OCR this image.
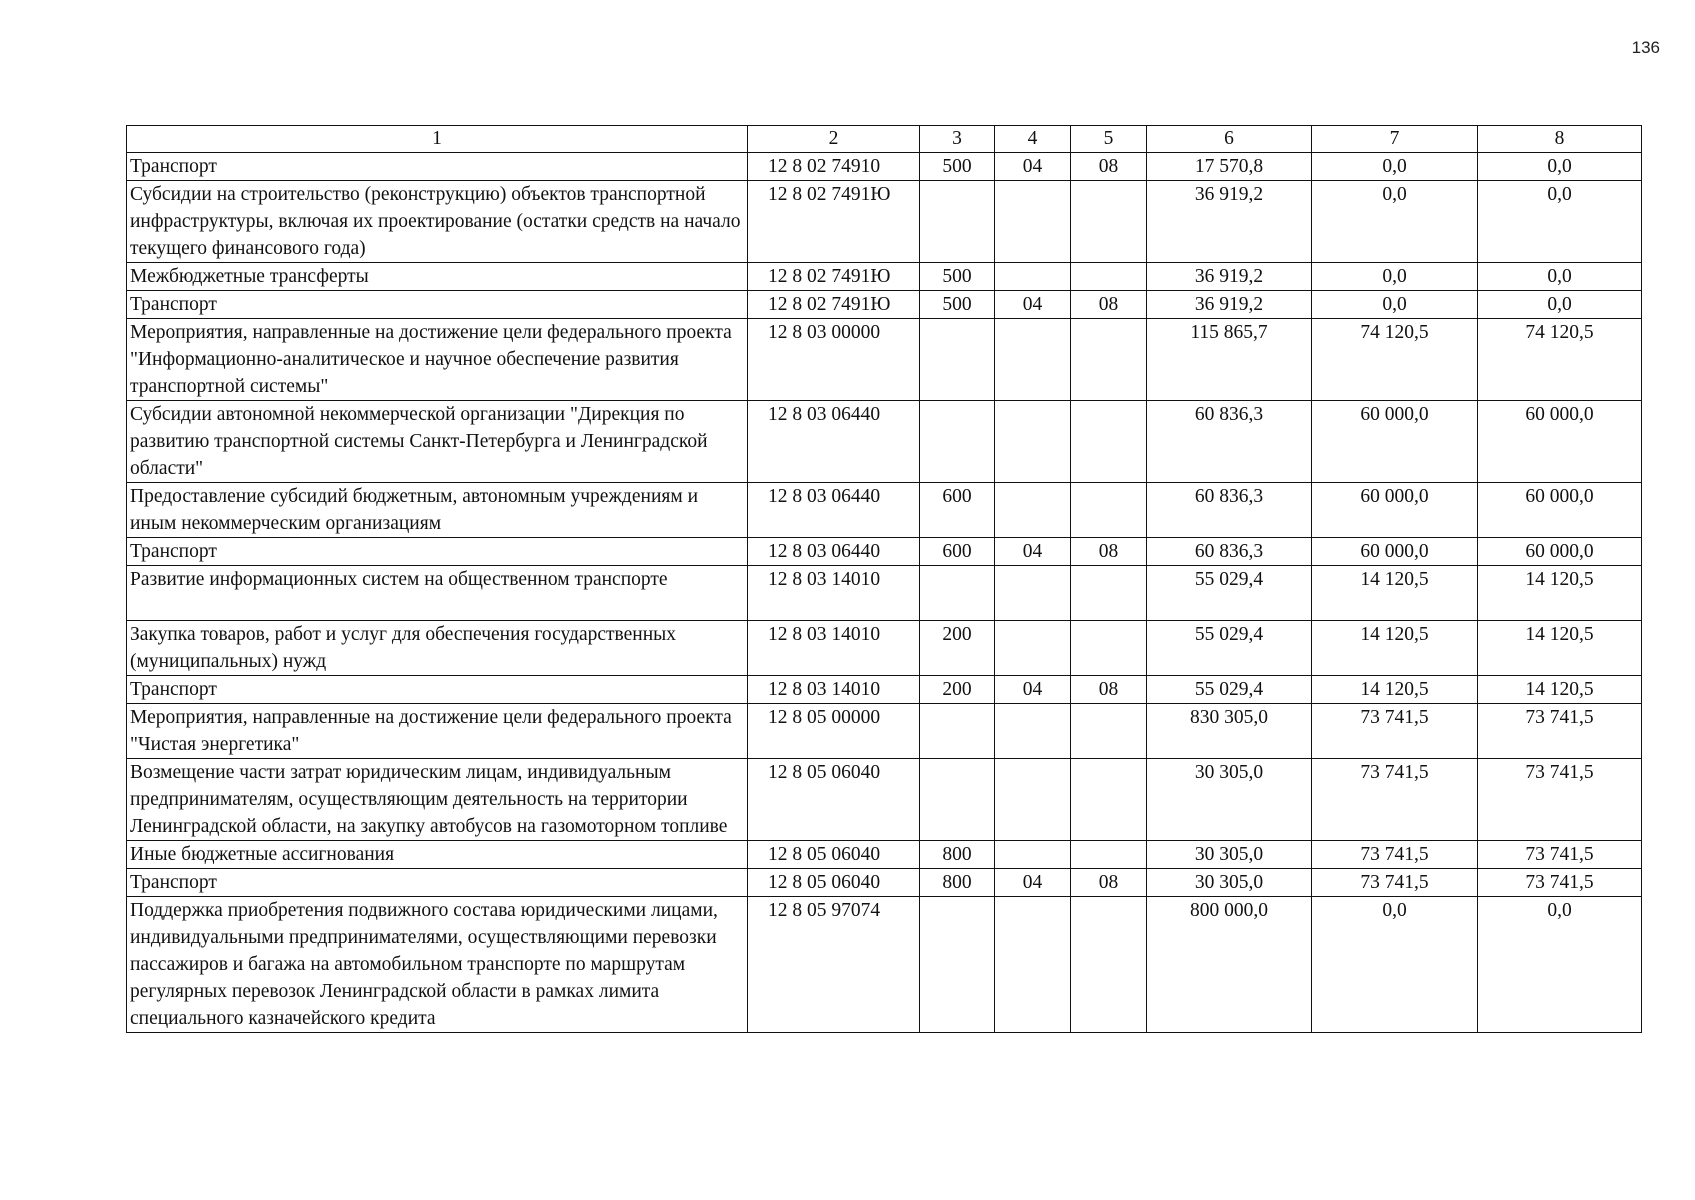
136
1	2	3	4	5	6	7	8
Транспорт	12 8 02 74910	500	04	08	17 570,8	0,0	0,0
Субсидии на строительство (реконструкцию) объектов транспортной инфраструктуры, включая их проектирование (остатки средств на начало текущего финансового года)	12 8 02 7491Ю				36 919,2	0,0	0,0
Межбюджетные трансферты	12 8 02 7491Ю	500			36 919,2	0,0	0,0
Транспорт	12 8 02 7491Ю	500	04	08	36 919,2	0,0	0,0
Мероприятия, направленные на достижение цели федерального проекта "Информационно-аналитическое и научное обеспечение развития транспортной системы"	12 8 03 00000				115 865,7	74 120,5	74 120,5
Субсидии автономной некоммерческой организации "Дирекция по развитию транспортной системы Санкт-Петербурга и Ленинградской области"	12 8 03 06440				60 836,3	60 000,0	60 000,0
Предоставление субсидий бюджетным, автономным учреждениям и иным некоммерческим организациям	12 8 03 06440	600			60 836,3	60 000,0	60 000,0
Транспорт	12 8 03 06440	600	04	08	60 836,3	60 000,0	60 000,0
Развитие информационных систем на общественном транспорте	12 8 03 14010				55 029,4	14 120,5	14 120,5
Закупка товаров, работ и услуг для обеспечения государственных (муниципальных) нужд	12 8 03 14010	200			55 029,4	14 120,5	14 120,5
Транспорт	12 8 03 14010	200	04	08	55 029,4	14 120,5	14 120,5
Мероприятия, направленные на достижение цели федерального проекта "Чистая энергетика"	12 8 05 00000				830 305,0	73 741,5	73 741,5
Возмещение части затрат юридическим лицам, индивидуальным предпринимателям, осуществляющим деятельность на территории Ленинградской области, на закупку автобусов на газомоторном топливе	12 8 05 06040				30 305,0	73 741,5	73 741,5
Иные бюджетные ассигнования	12 8 05 06040	800			30 305,0	73 741,5	73 741,5
Транспорт	12 8 05 06040	800	04	08	30 305,0	73 741,5	73 741,5
Поддержка приобретения подвижного состава юридическими лицами, индивидуальными предпринимателями, осуществляющими перевозки пассажиров и багажа на автомобильном транспорте по маршрутам регулярных перевозок Ленинградской области в рамках лимита специального казначейского кредита	12 8 05 97074				800 000,0	0,0	0,0
